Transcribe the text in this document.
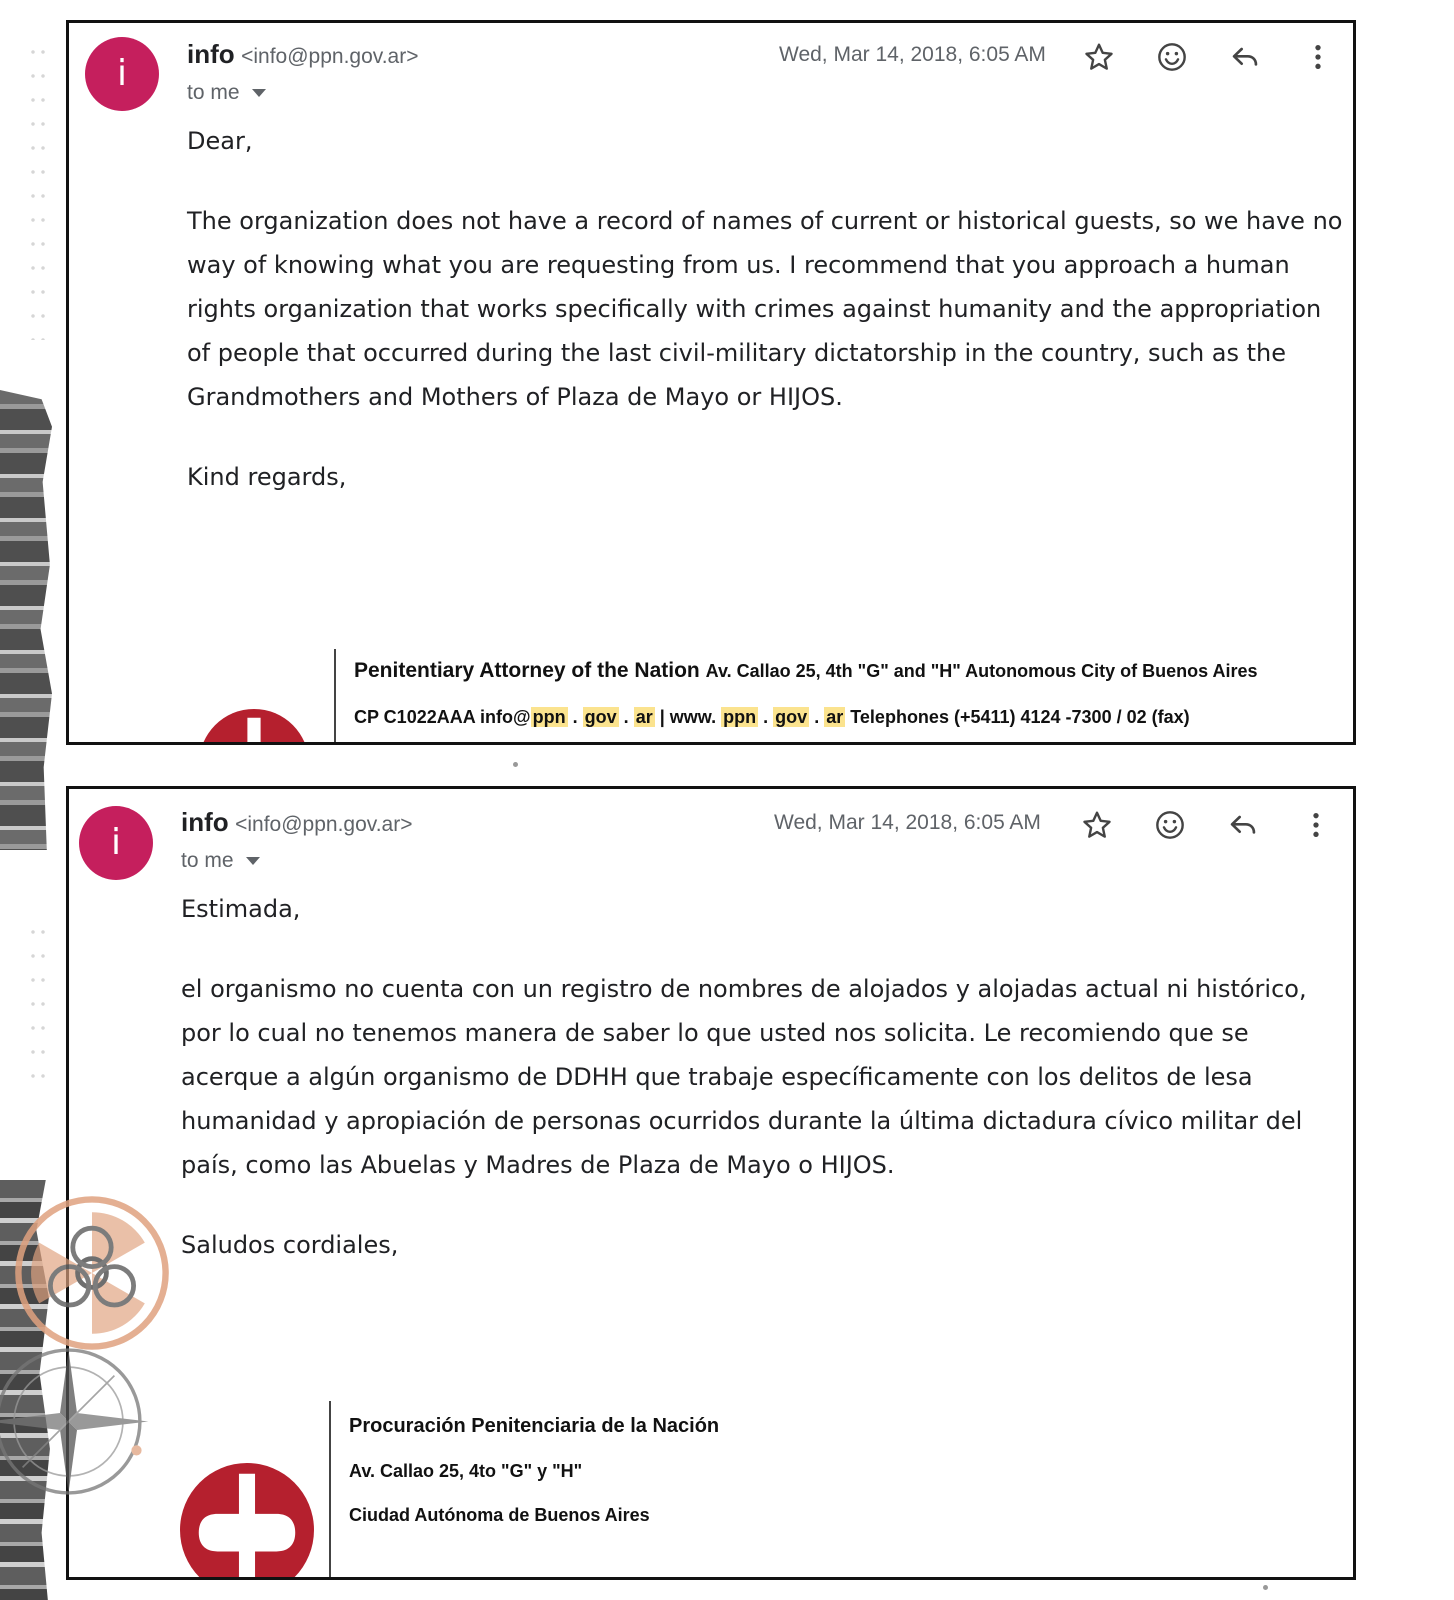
i	info <info@ppn.gov.ar>
to me
Wed, Mar 14, 2018, 6:05 AM

Dear,

The organization does not have a record of names of current or historical guests, so we have no way of knowing what you are requesting from us. I recommend that you approach a human rights organization that works specifically with crimes against humanity and the appropriation of people that occurred during the last civil-military dictatorship in the country, such as the Grandmothers and Mothers of Plaza de Mayo or HIJOS.

Kind regards,

Penitentiary Attorney of the Nation Av. Callao 25, 4th "G" and "H" Autonomous City of Buenos Aires
CP C1022AAA info@ ppn . gov . ar | www. ppn . gov . ar Telephones (+5411) 4124 -7300 / 02 (fax)
i	info <info@ppn.gov.ar>
to me
Wed, Mar 14, 2018, 6:05 AM

Estimada,

el organismo no cuenta con un registro de nombres de alojados y alojadas actual ni histórico, por lo cual no tenemos manera de saber lo que usted nos solicita. Le recomiendo que se acerque a algún organismo de DDHH que trabaje específicamente con los delitos de lesa humanidad y apropiación de personas ocurridos durante la última dictadura cívico militar del país, como las Abuelas y Madres de Plaza de Mayo o HIJOS.

Saludos cordiales,

Procuración Penitenciaria de la Nación
Av. Callao 25, 4to "G" y "H"
Ciudad Autónoma de Buenos Aires
